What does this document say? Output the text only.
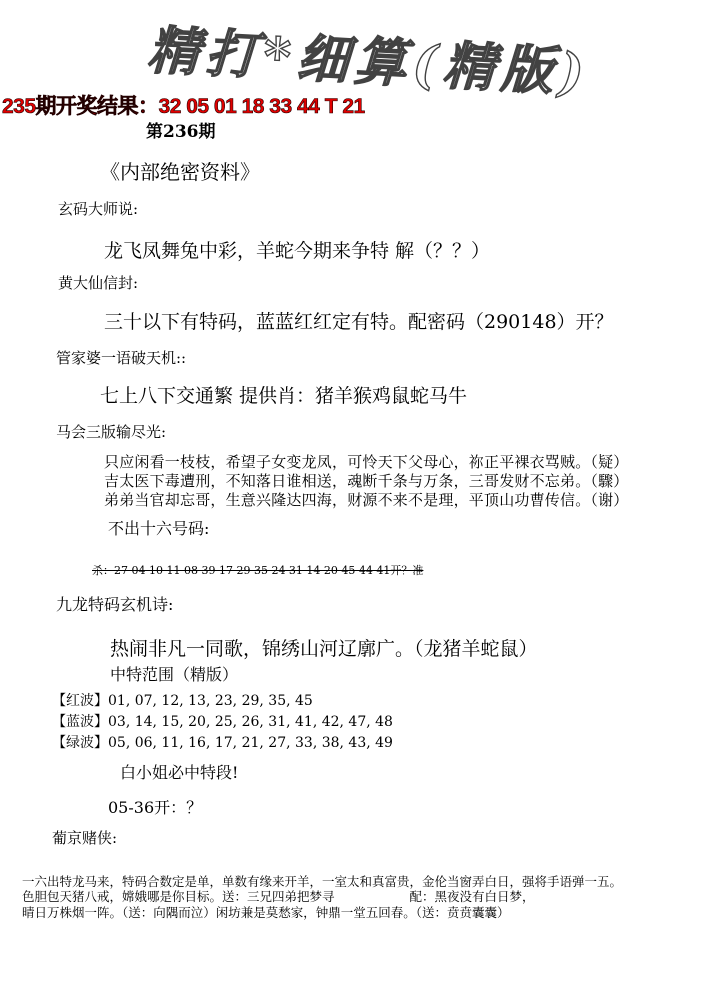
精打*细算(精版)
235期开奖结果：32 05 01 18 33 44 T 21
第236期
《内部绝密资料》
玄码大师说:
龙飞凤舞兔中彩，羊蛇今期来争特 解（？？）
黄大仙信封:
三十以下有特码，蓝蓝红红定有特。配密码（290148）开？
管家婆一语破天机::
七上八下交通繁 提供肖：猪羊猴鸡鼠蛇马牛
马会三版输尽光:
只应闲看一枝枝，希望子女变龙凤，可怜天下父母心，祢正平裸衣骂贼。（疑）
吉太医下毒遭刑，不知落日谁相送，魂断千条与万条，三哥发财不忘弟。（驟）
弟弟当官却忘哥，生意兴隆达四海，财源不来不是理，平顶山功曹传信。（谢）
不出十六号码:
杀：27 04 10 11 08 39 17 29 35 24 31 14 20 45 44 41开？准
九龙特码玄机诗:
热闹非凡一同歌，锦绣山河辽廓广。（龙猪羊蛇鼠）
中特范围（精版）
【红波】01, 07, 12, 13, 23, 29, 35, 45
【蓝波】03, 14, 15, 20, 25, 26, 31, 41, 42, 47, 48
【绿波】05, 06, 11, 16, 17, 21, 27, 33, 38, 43, 49
白小姐必中特段!
05-36开：？
葡京赌侠:
一六出特龙马来，特码合数定是单，单数有缘来开羊，一室太和真富贵，金伦当窗弄白日，强将手语弹一五。
色胆包天猪八戒，嫦娥哪是你目标。送：三兄四弟把梦寻　　　　　　配：黑夜没有白日梦，
晴日万株烟一阵。（送：向隅而泣）闲坊兼是莫愁家，钟鼎一堂五回春。（送：贲贲囊囊）
